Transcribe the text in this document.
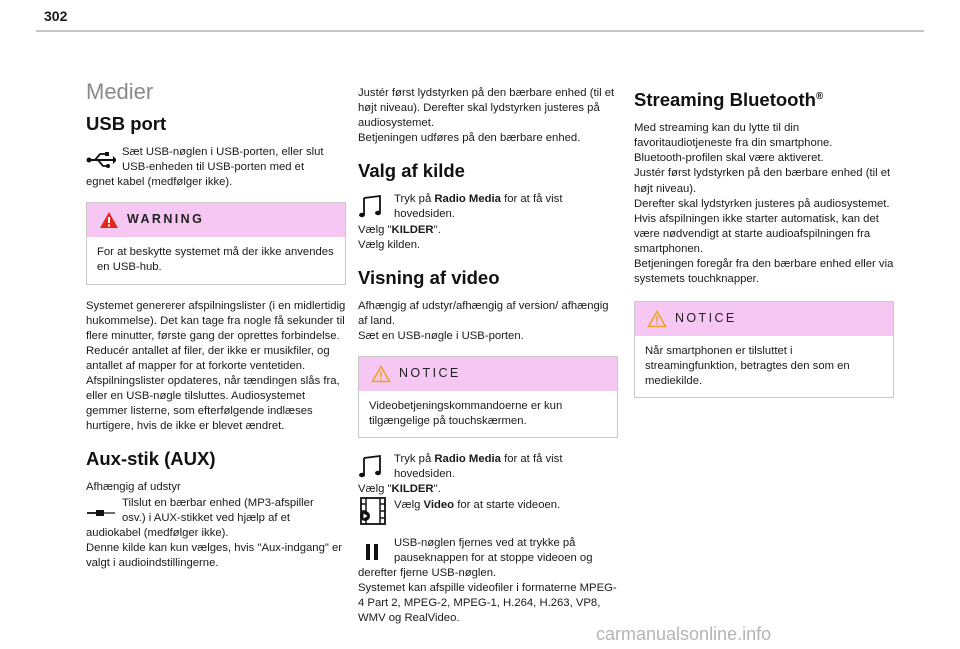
302
Medier
USB port

Sæt USB-nøglen i USB-porten, eller slut

USB-enheden til USB-porten med et

egnet kabel (medfølger ikke).

WARNING

For at beskytte systemet må der ikke anvendes en USB-hub.

Systemet genererer afspilningslister (i en midlertidig hukommelse). Det kan tage fra nogle få sekunder til flere minutter, første gang der oprettes forbindelse.

Reducér antallet af filer, der ikke er musikfiler, og antallet af mapper for at forkorte ventetiden.

Afspilningslister opdateres, når tændingen slås fra, eller en USB-nøgle tilsluttes. Audiosystemet gemmer listerne, som efterfølgende indlæses hurtigere, hvis de ikke er blevet ændret.

Aux-stik (AUX)

Afhængig af udstyr

Tilslut en bærbar enhed (MP3-afspiller

osv.) i AUX-stikket ved hjælp af et

audiokabel (medfølger ikke).

Denne kilde kan kun vælges, hvis "Aux-indgang" er valgt i audioindstillingerne.

Justér først lydstyrken på den bærbare enhed (til et højt niveau). Derefter skal lydstyrken justeres på audiosystemet.

Betjeningen udføres på den bærbare enhed.

Valg af kilde

Tryk på Radio Media for at få vist

hovedsiden.

Vælg "KILDER".

Vælg kilden.

Visning af video

Afhængig af udstyr/afhængig af version/ afhængig af land.

Sæt en USB-nøgle i USB-porten.

NOTICE

Videobetjeningskommandoerne er kun tilgængelige på touchskærmen.

Tryk på Radio Media for at få vist

hovedsiden.

Vælg "KILDER".

Vælg Video for at starte videoen.

USB-nøglen fjernes ved at trykke på

pauseknappen for at stoppe videoen og

derefter fjerne USB-nøglen.

Systemet kan afspille videofiler i formaterne MPEG-4 Part 2, MPEG-2, MPEG-1, H.264, H.263, VP8, WMV og RealVideo.

Streaming Bluetooth®

Med streaming kan du lytte til din favoritaudiotjeneste fra din smartphone.

Bluetooth-profilen skal være aktiveret.

Justér først lydstyrken på den bærbare enhed (til et højt niveau).

Derefter skal lydstyrken justeres på audiosystemet.

Hvis afspilningen ikke starter automatisk, kan det være nødvendigt at starte audioafspilningen fra smartphonen.

Betjeningen foregår fra den bærbare enhed eller via systemets touchknapper.

NOTICE

Når smartphonen er tilsluttet i streamingfunktion, betragtes den som en mediekilde.

carmanualsonline.info
